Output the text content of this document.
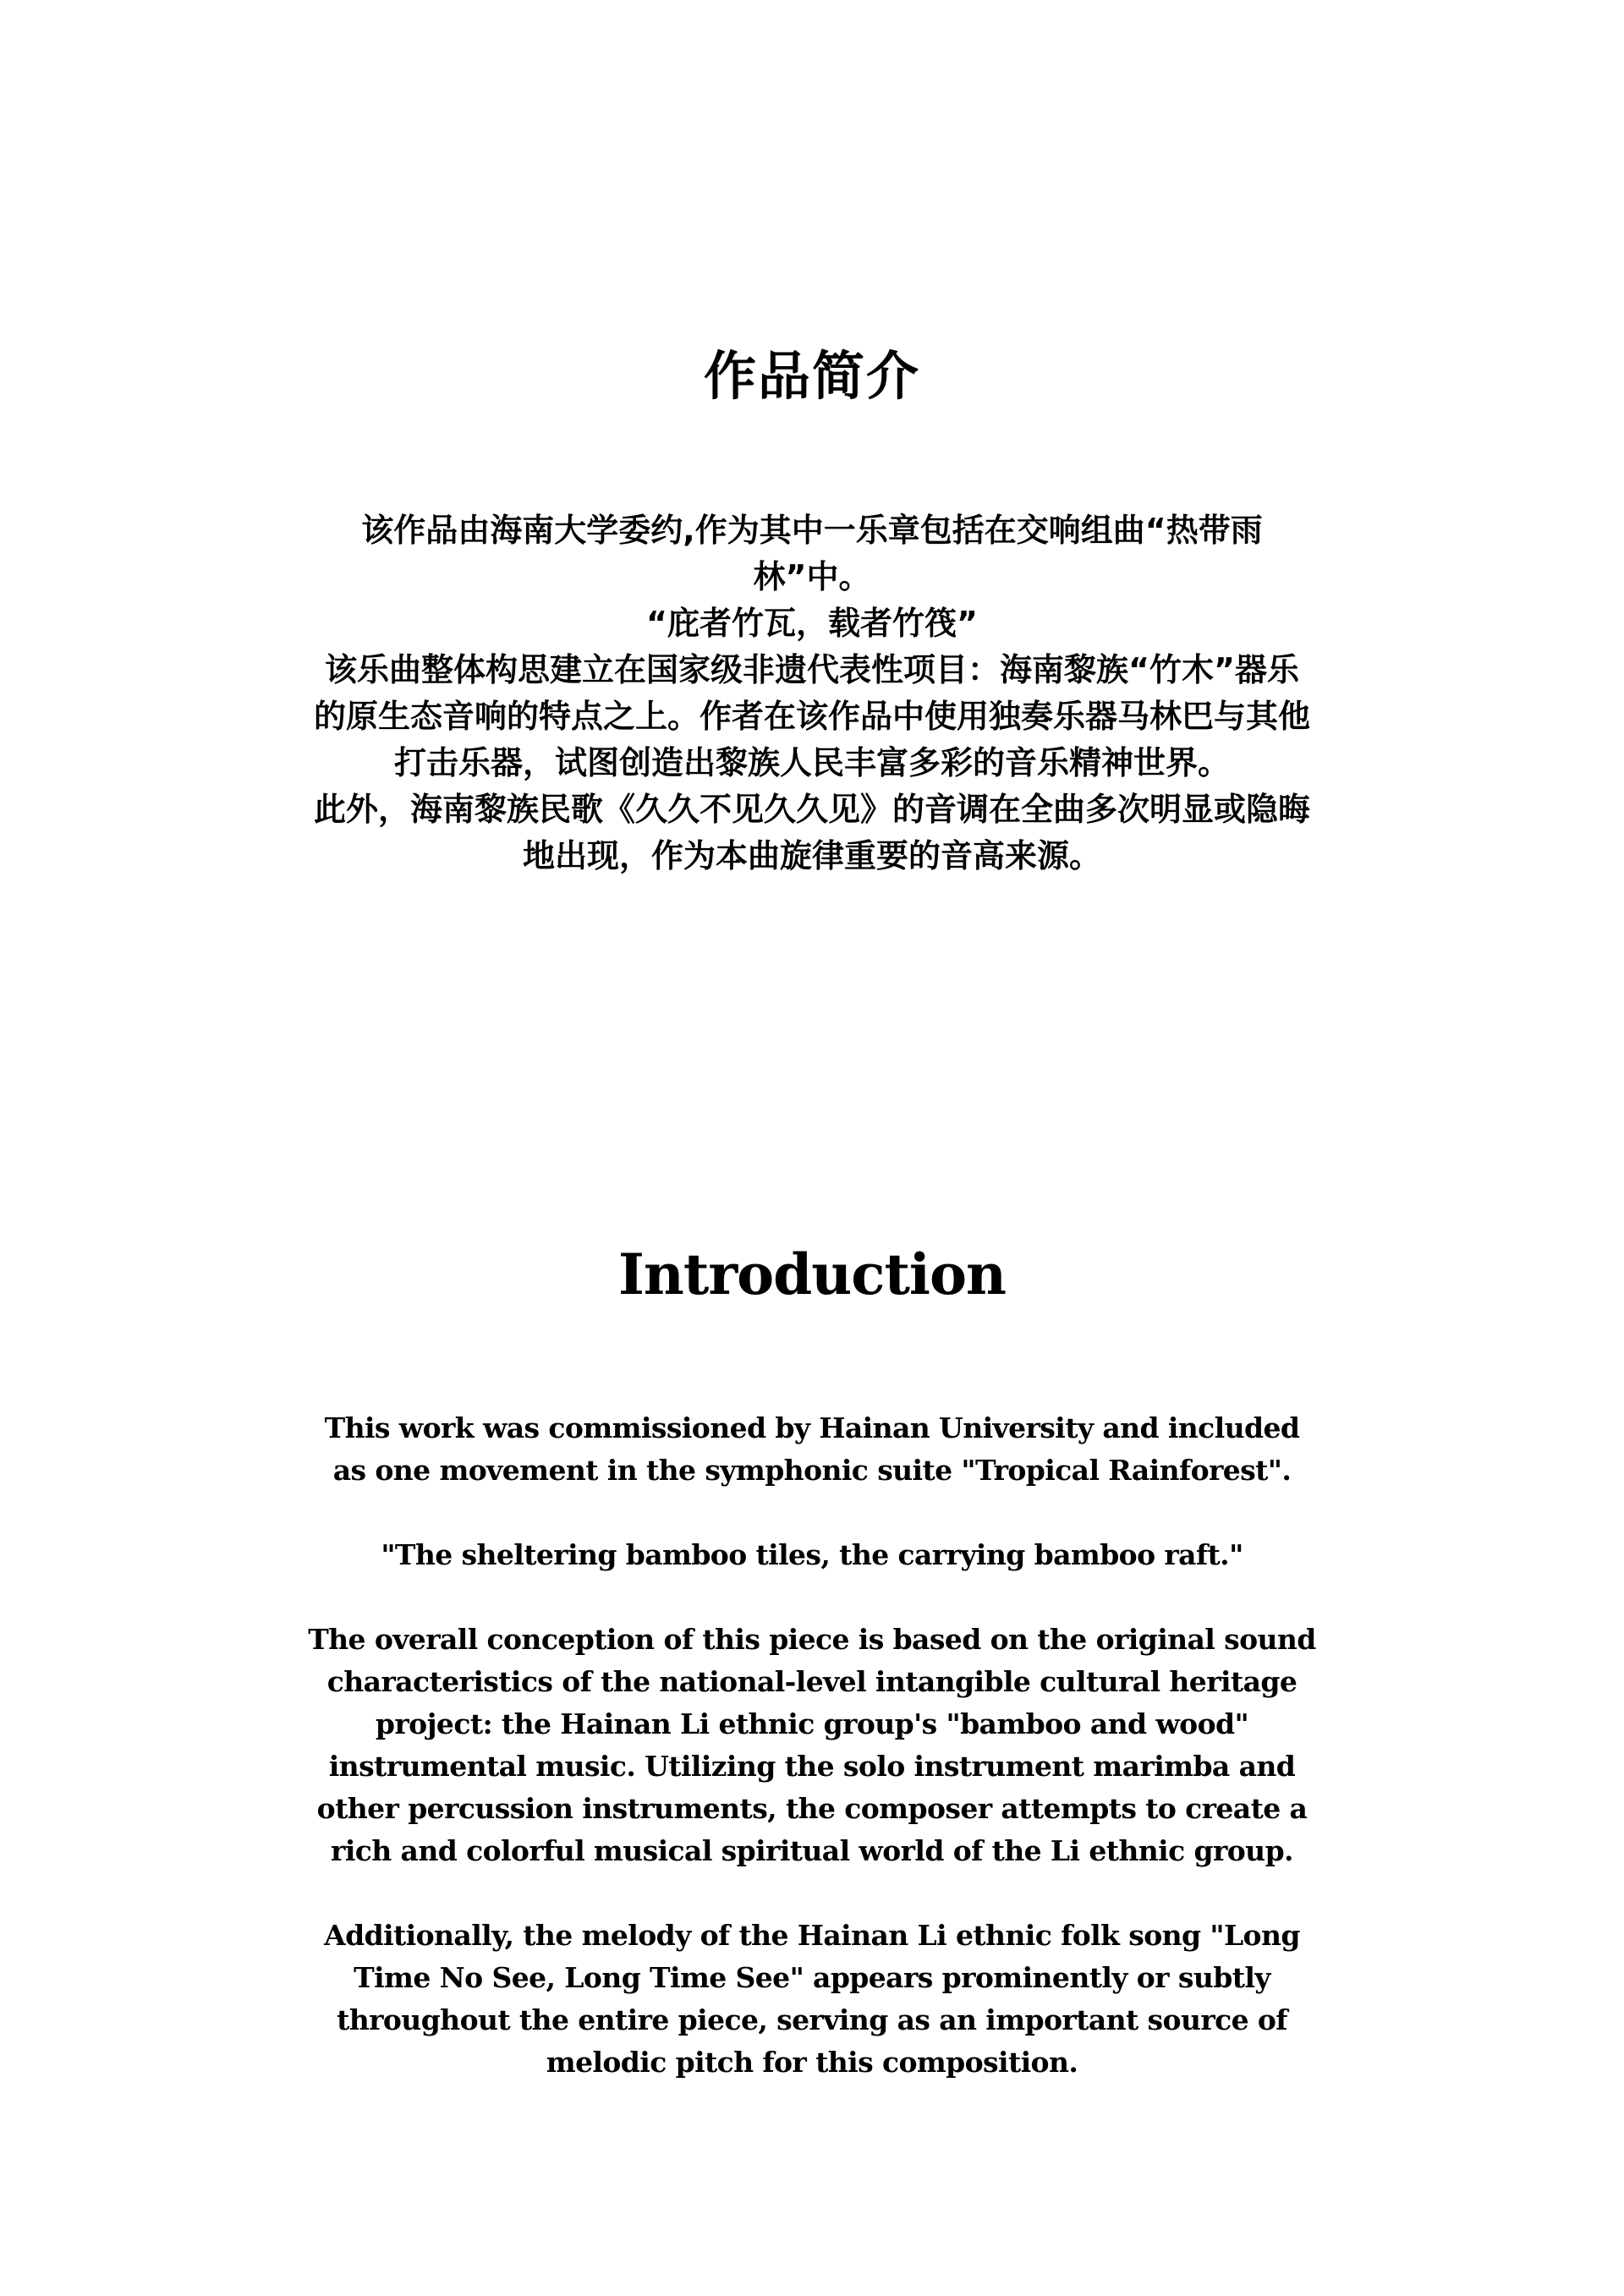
作品简介

该作品由海南大学委约,作为其中一乐章包括在交响组曲“热带雨林”中。

“庇者竹瓦，载者竹筏”

该乐曲整体构思建立在国家级非遗代表性项目：海南黎族“竹木”器乐的原生态音响的特点之上。作者在该作品中使用独奏乐器马林巴与其他打击乐器，试图创造出黎族人民丰富多彩的音乐精神世界。

此外，海南黎族民歌《久久不见久久见》的音调在全曲多次明显或隐晦地出现，作为本曲旋律重要的音高来源。

Introduction

This work was commissioned by Hainan University and included as one movement in the symphonic suite "Tropical Rainforest".

"The sheltering bamboo tiles, the carrying bamboo raft."

The overall conception of this piece is based on the original sound characteristics of the national-level intangible cultural heritage project: the Hainan Li ethnic group's "bamboo and wood" instrumental music. Utilizing the solo instrument marimba and other percussion instruments, the composer attempts to create a rich and colorful musical spiritual world of the Li ethnic group.

Additionally, the melody of the Hainan Li ethnic folk song "Long Time No See, Long Time See" appears prominently or subtly throughout the entire piece, serving as an important source of melodic pitch for this composition.
